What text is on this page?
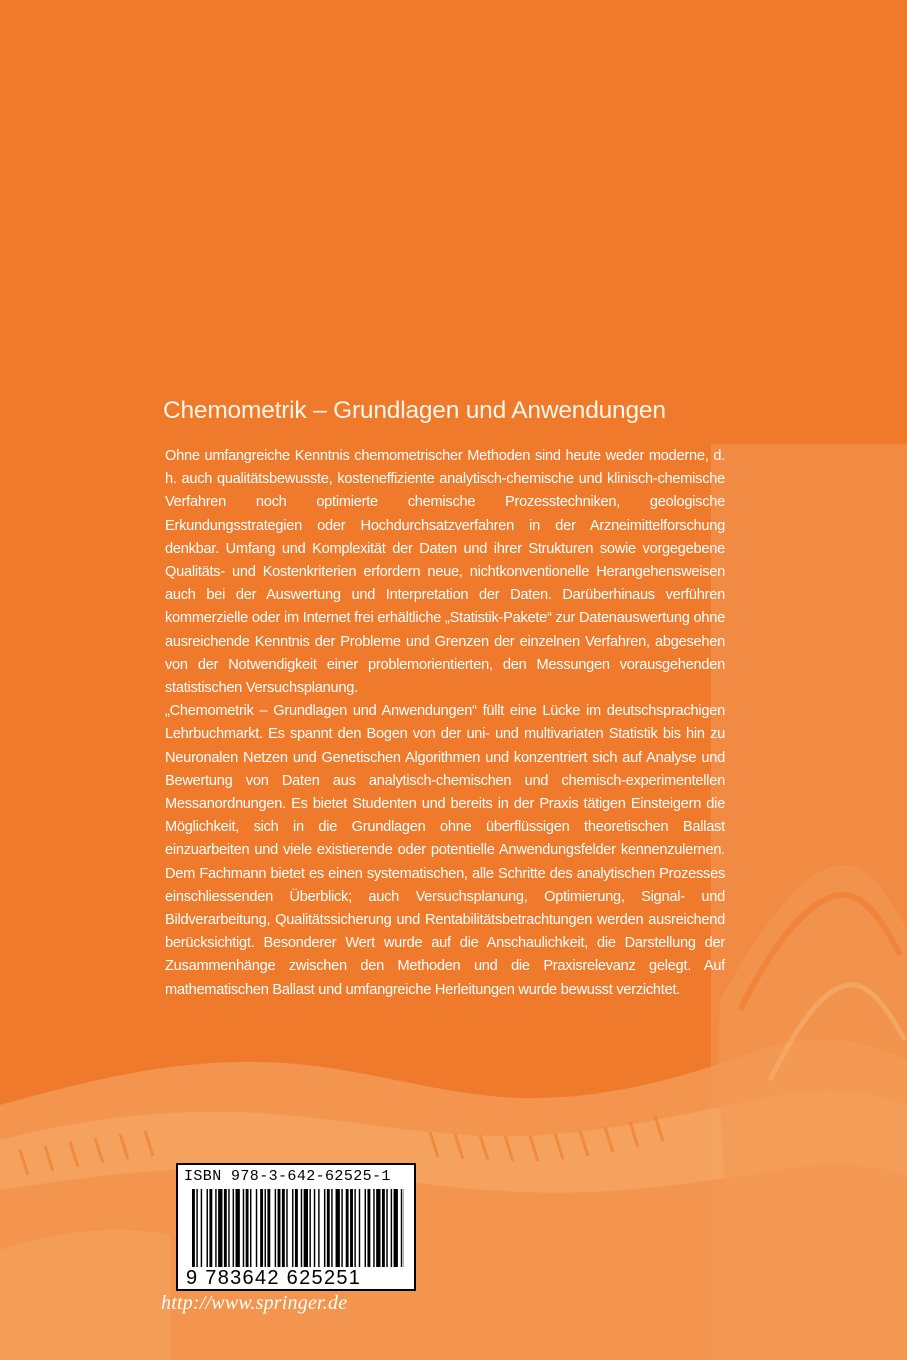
Chemometrik – Grundlagen und Anwendungen

Ohne umfangreiche Kenntnis chemometrischer Methoden sind heute weder moderne, d. h. auch qualitätsbewusste, kosteneffiziente analytisch-chemische und klinisch-chemische Verfahren noch optimierte chemische Prozesstechniken, geologische Erkundungsstrategien oder Hochdurchsatzverfahren in der Arzneimittelforschung denkbar. Umfang und Komplexität der Daten und ihrer Strukturen sowie vorgegebene Qualitäts- und Kostenkriterien erfordern neue, nichtkonventionelle Herangehensweisen auch bei der Auswertung und Interpretation der Daten. Darüberhinaus verführen kommerzielle oder im Internet frei erhältliche „Statistik-Pakete“ zur Datenauswertung ohne ausreichende Kenntnis der Probleme und Grenzen der einzelnen Verfahren, abgesehen von der Notwendigkeit einer problemorientierten, den Messungen vorausgehenden statistischen Versuchsplanung.

„Chemometrik – Grundlagen und Anwendungen“ füllt eine Lücke im deutschsprachigen Lehrbuchmarkt. Es spannt den Bogen von der uni- und multivariaten Statistik bis hin zu Neuronalen Netzen und Genetischen Algorithmen und konzentriert sich auf Analyse und Bewertung von Daten aus analytisch-chemischen und chemisch-experimentellen Messanordnungen. Es bietet Studenten und bereits in der Praxis tätigen Einsteigern die Möglichkeit, sich in die Grundlagen ohne überflüssigen theoretischen Ballast einzuarbeiten und viele existierende oder potentielle Anwendungsfelder kennenzulernen. Dem Fachmann bietet es einen systematischen, alle Schritte des analytischen Prozesses einschliessenden Überblick; auch Versuchsplanung, Optimierung, Signal- und Bildverarbeitung, Qualitätssicherung und Rentabilitätsbetrachtungen werden ausreichend berücksichtigt. Besonderer Wert wurde auf die Anschaulichkeit, die Darstellung der Zusammenhänge zwischen den Methoden und die Praxisrelevanz gelegt. Auf mathematischen Ballast und umfangreiche Herleitungen wurde bewusst verzichtet.

ISBN 978-3-642-62525-1
9 783642 625251
http://www.springer.de
